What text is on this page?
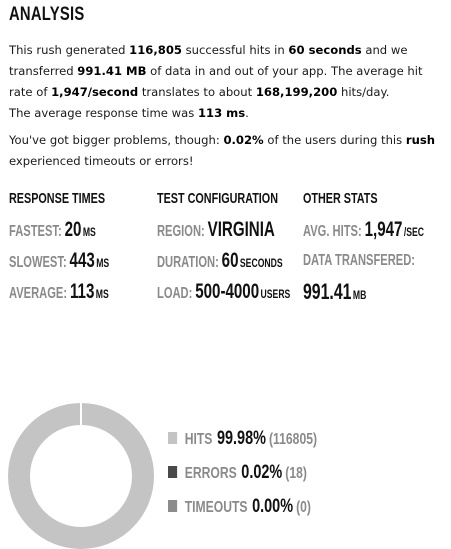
ANALYSIS

This rush generated 116,805 successful hits in 60 seconds and we transferred 991.41 MB of data in and out of your app. The average hit rate of 1,947/second translates to about 168,199,200 hits/day.

The average response time was 113 ms.

You've got bigger problems, though: 0.02% of the users during this rush experienced timeouts or errors!

RESPONSE TIMES
FASTEST: 20MS
SLOWEST: 443MS
AVERAGE: 113MS
TEST CONFIGURATION
REGION: VIRGINIA
DURATION: 60SECONDS
LOAD: 500-4000USERS
OTHER STATS
AVG. HITS: 1,947/SEC
DATA TRANSFERED:
991.41MB
HITS 99.98% (116805)
ERRORS 0.02% (18)
TIMEOUTS 0.00% (0)
